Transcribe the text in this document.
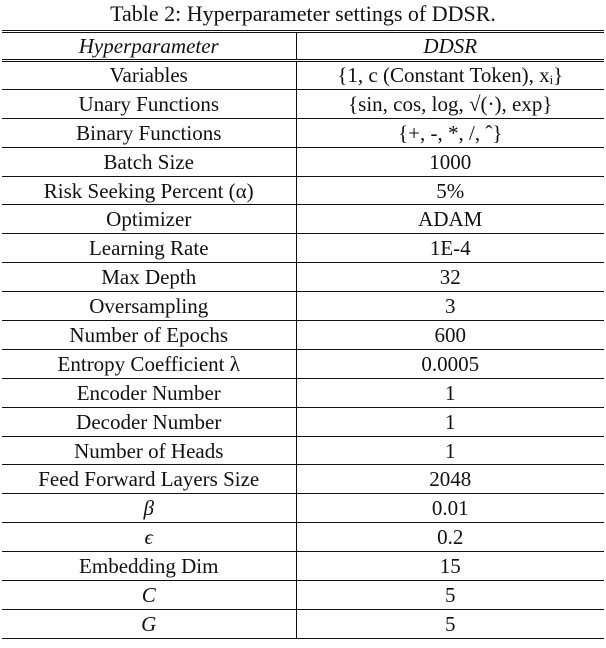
Table 2: Hyperparameter settings of DDSR.
Hyperparameter	DDSR
Variables	{1, c (Constant Token), xᵢ}
Unary Functions	{sin, cos, log, √(·), exp}
Binary Functions	{+, -, *, /, ˆ}
Batch Size	1000
Risk Seeking Percent (α)	5%
Optimizer	ADAM
Learning Rate	1E-4
Max Depth	32
Oversampling	3
Number of Epochs	600
Entropy Coefficient λ	0.0005
Encoder Number	1
Decoder Number	1
Number of Heads	1
Feed Forward Layers Size	2048
β	0.01
ϵ	0.2
Embedding Dim	15
C	5
G	5
